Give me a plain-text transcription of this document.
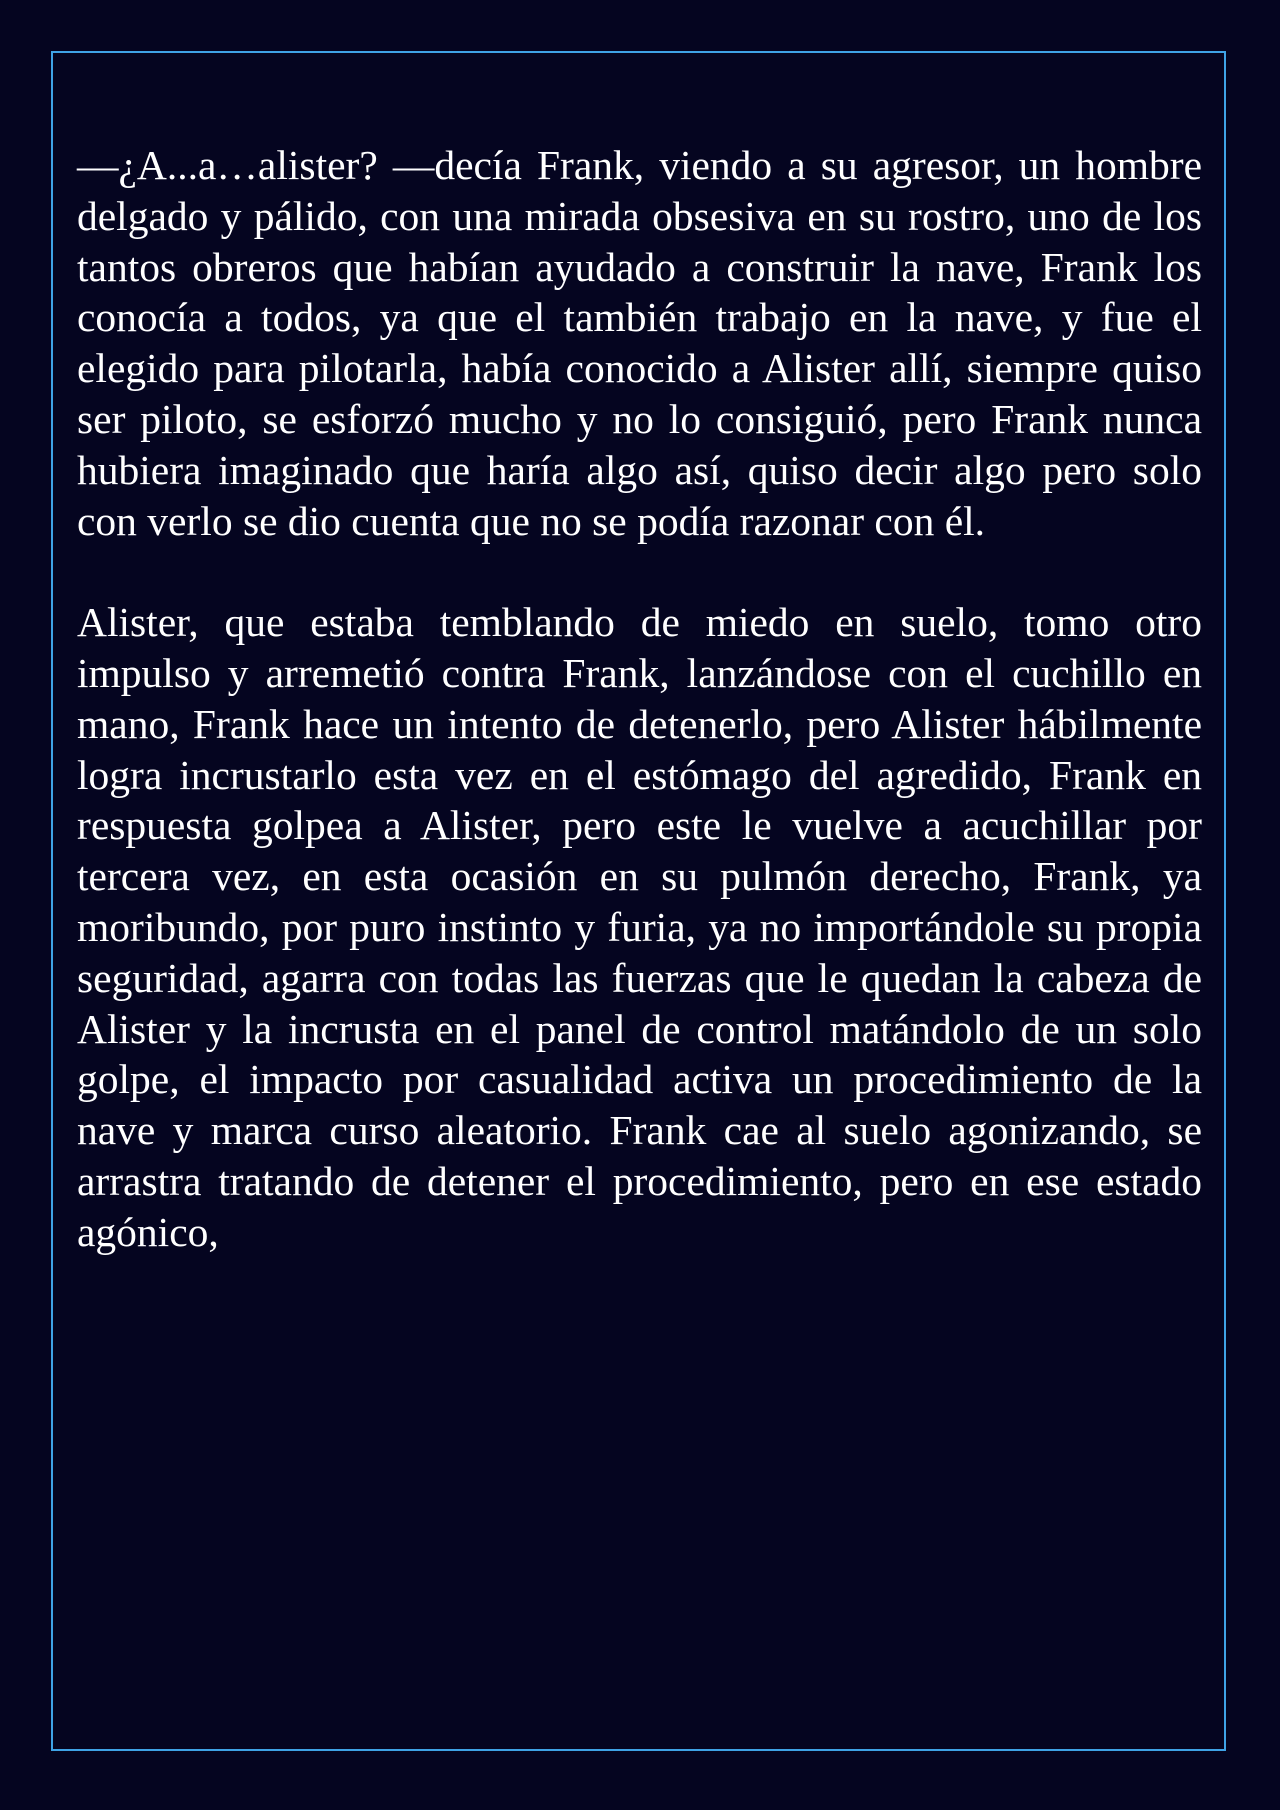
—¿A...a…alister? —decía Frank, viendo a su agresor, un hombre delgado y pálido, con una mirada obsesiva en su rostro, uno de los tantos obreros que habían ayudado a construir la nave, Frank los conocía a todos, ya que el también trabajo en la nave, y fue el elegido para pilotarla, había conocido a Alister allí, siempre quiso ser piloto, se esforzó mucho y no lo consiguió, pero Frank nunca hubiera imaginado que haría algo así, quiso decir algo pero solo con verlo se dio cuenta que no se podía razonar con él.

Alister, que estaba temblando de miedo en suelo, tomo otro impulso y arremetió contra Frank, lanzándose con el cuchillo en mano, Frank hace un intento de detenerlo, pero Alister hábilmente logra incrustarlo esta vez en el estómago del agredido, Frank en respuesta golpea a Alister, pero este le vuelve a acuchillar por tercera vez, en esta ocasión en su pulmón derecho, Frank, ya moribundo, por puro instinto y furia, ya no importándole su propia seguridad, agarra con todas las fuerzas que le quedan la cabeza de Alister y la incrusta en el panel de control matándolo de un solo golpe, el impacto por casualidad activa un procedimiento de la nave y marca curso aleatorio. Frank cae al suelo agonizando, se arrastra tratando de detener el procedimiento, pero en ese estado agónico,
